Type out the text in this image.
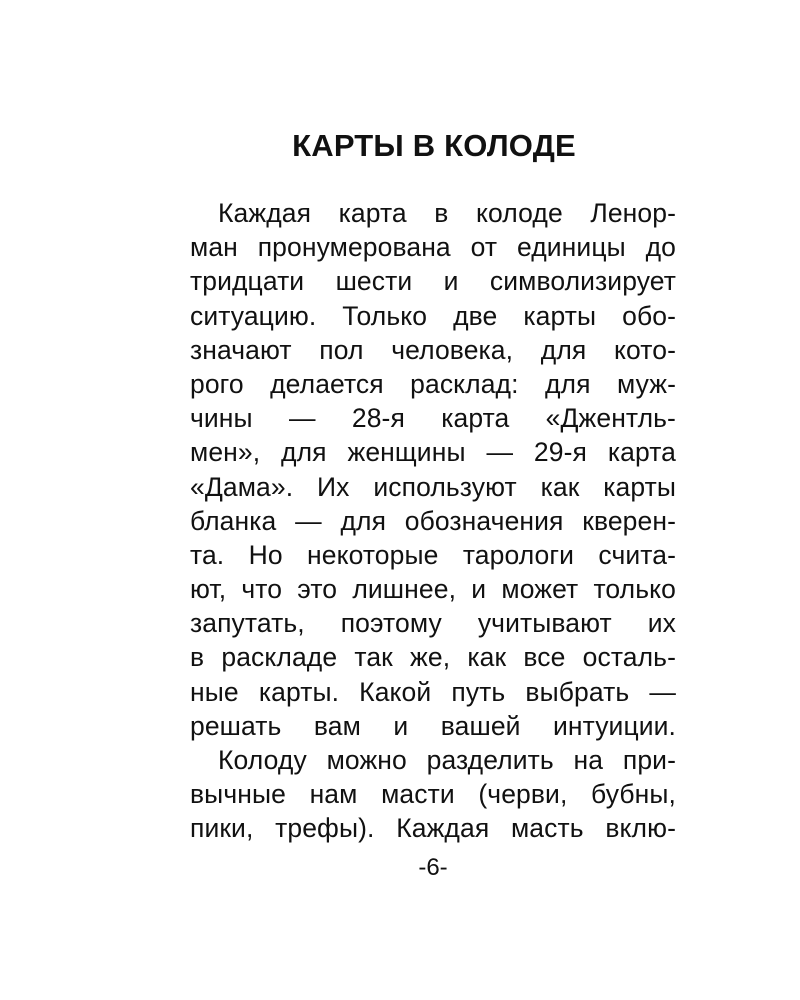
КАРТЫ В КОЛОДЕ
Каждая карта в колоде Ленор-
ман пронумерована от единицы до
тридцати шести и символизирует
ситуацию. Только две карты обо-
значают пол человека, для кото-
рого делается расклад: для муж-
чины — 28-я карта «Джентль-
мен», для женщины — 29-я карта
«Дама». Их используют как карты
бланка — для обозначения кверен-
та. Но некоторые тарологи счита-
ют, что это лишнее, и может только
запутать, поэтому учитывают их
в раскладе так же, как все осталь-
ные карты. Какой путь выбрать —
решать вам и вашей интуиции.
Колоду можно разделить на при-
вычные нам масти (черви, бубны,
пики, трефы). Каждая масть вклю-
-6-
